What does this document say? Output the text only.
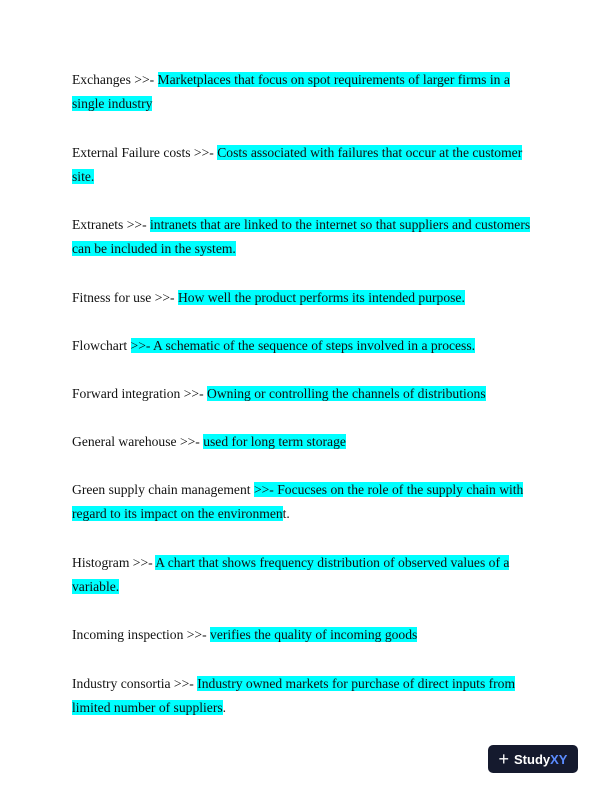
Exchanges >>- Marketplaces that focus on spot requirements of larger firms in a single industry
External Failure costs >>- Costs associated with failures that occur at the customer site.
Extranets >>- intranets that are linked to the internet so that suppliers and customers can be included in the system.
Fitness for use >>- How well the product performs its intended purpose.
Flowchart >>- A schematic of the sequence of steps involved in a process.
Forward integration >>- Owning or controlling the channels of distributions
General warehouse >>- used for long term storage
Green supply chain management >>- Focucses on the role of the supply chain with regard to its impact on the environment.
Histogram >>- A chart that shows frequency distribution of observed values of a variable.
Incoming inspection >>- verifies the quality of incoming goods
Industry consortia >>- Industry owned markets for purchase of direct inputs from limited number of suppliers.
+ StudyXY
